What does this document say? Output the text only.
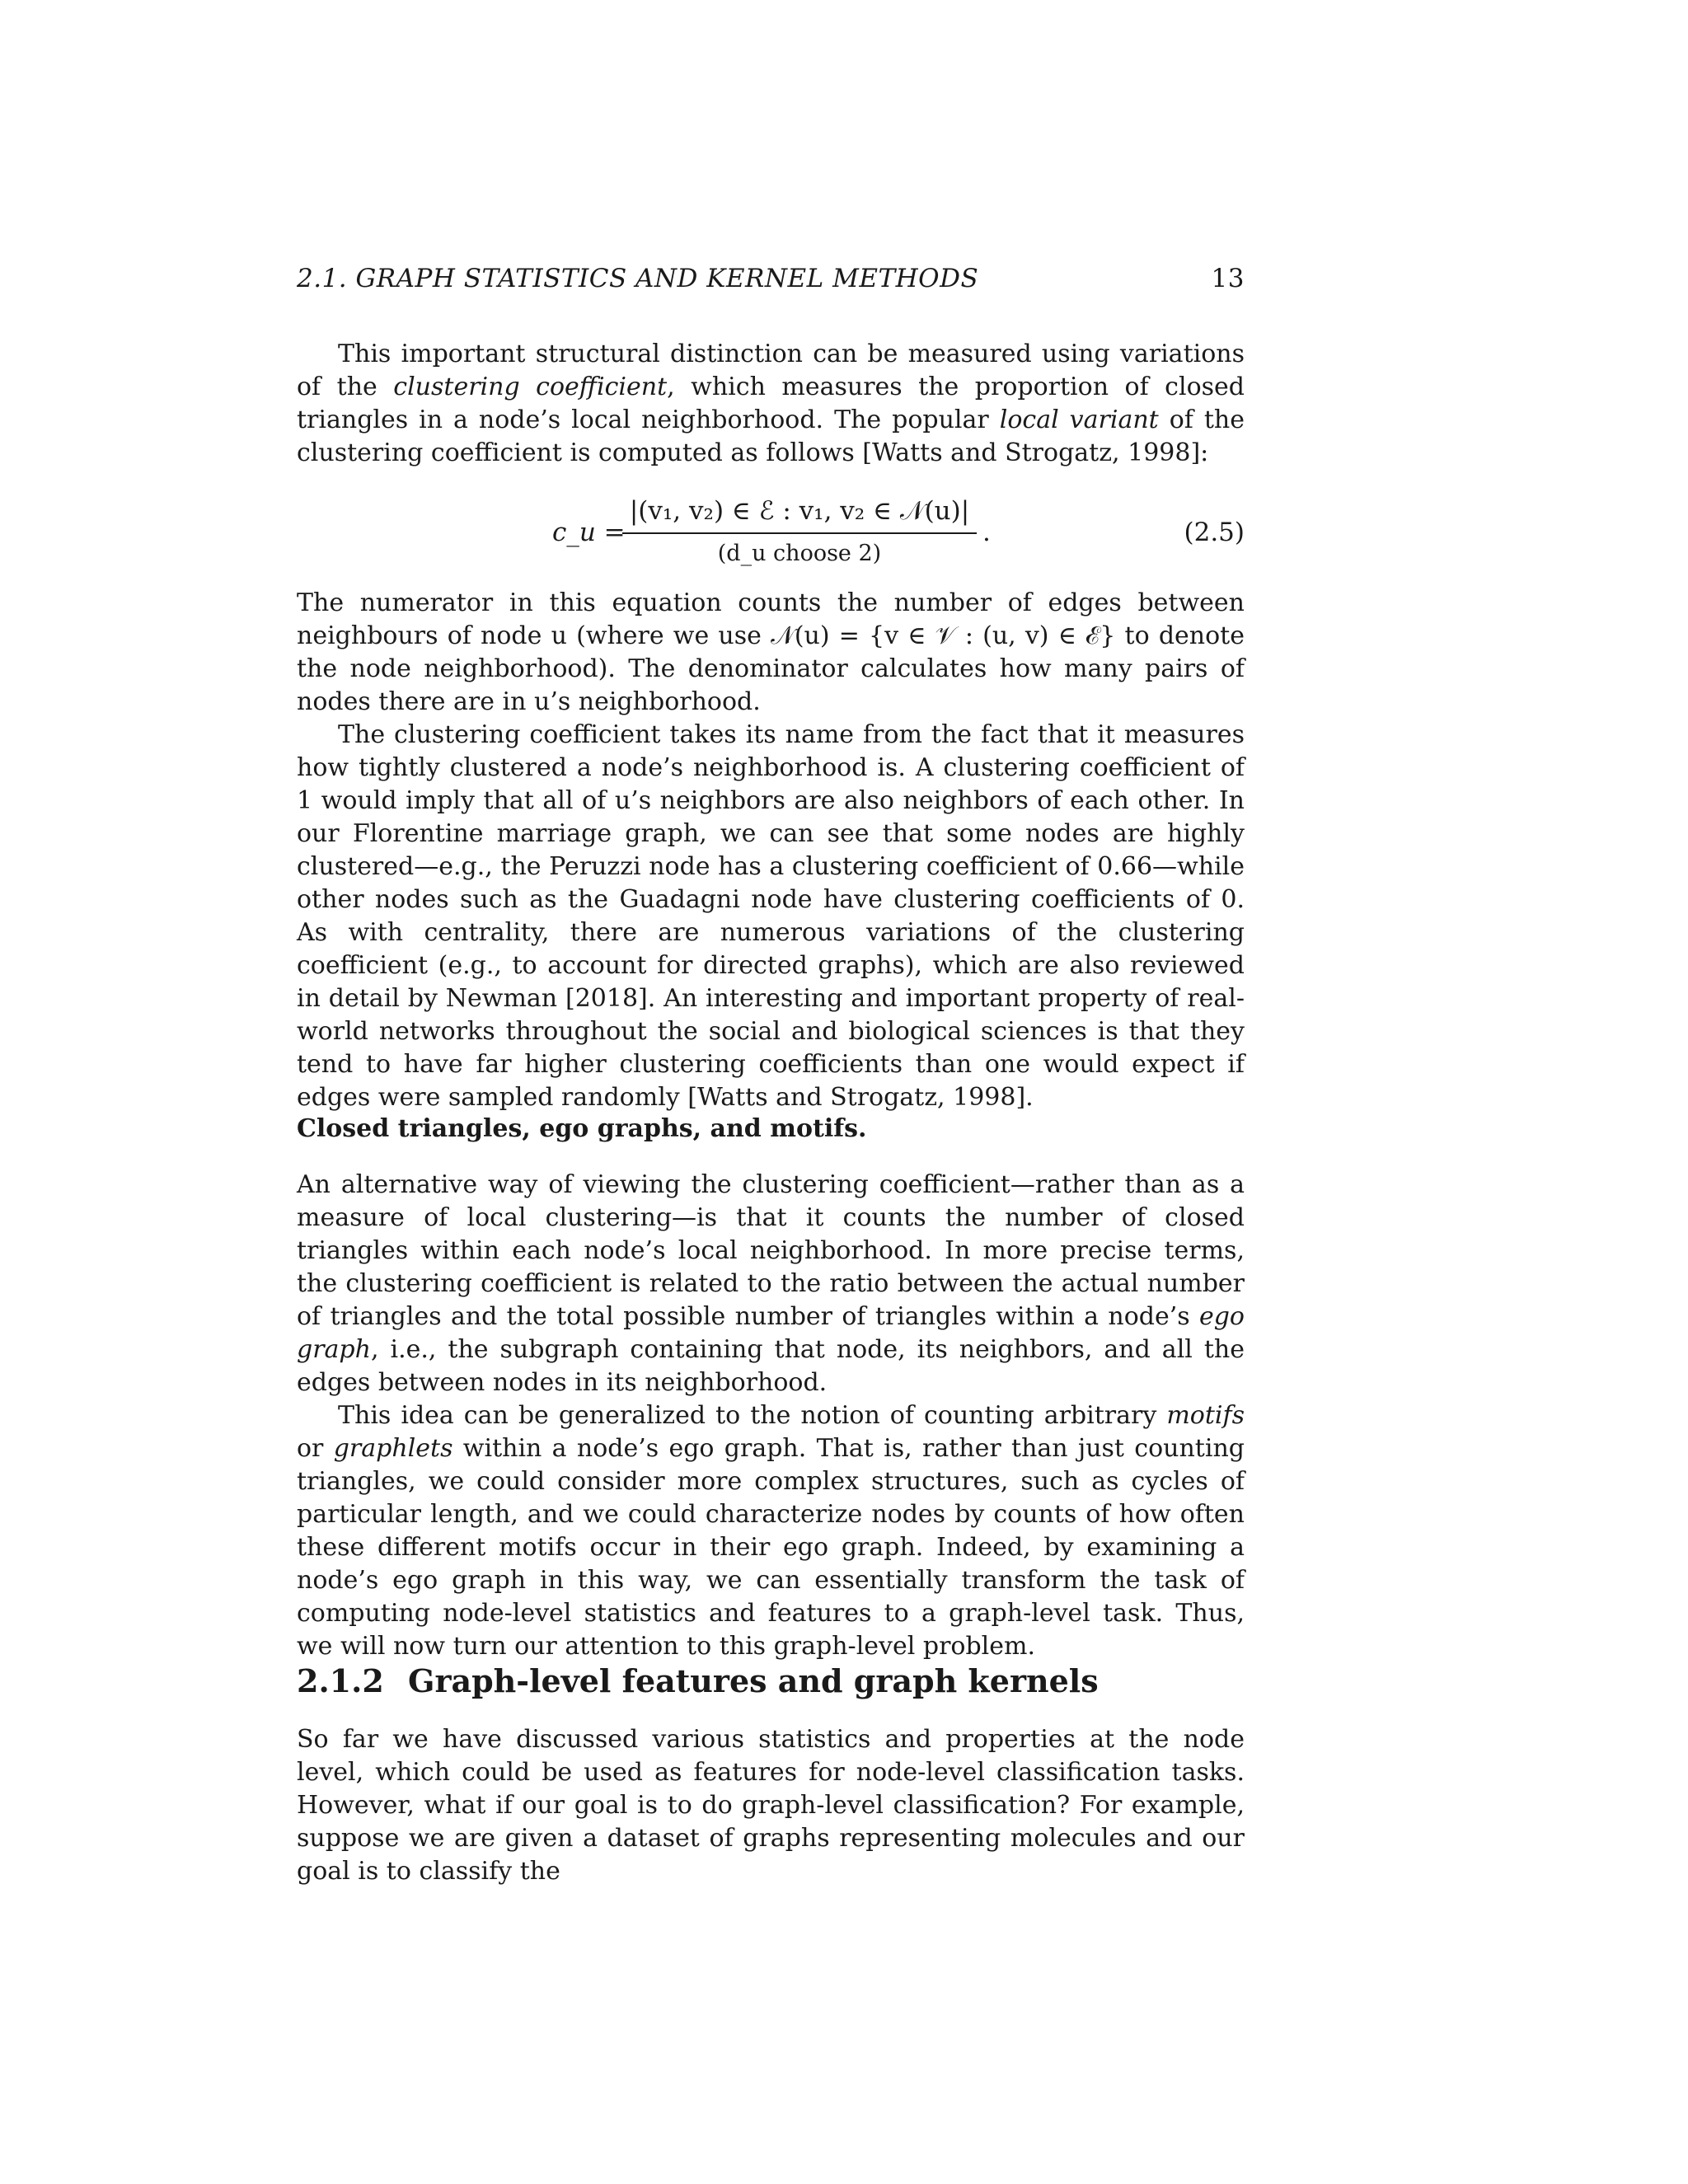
2.1. GRAPH STATISTICS AND KERNEL METHODS	13

This important structural distinction can be measured using variations of the clustering coefficient, which measures the proportion of closed triangles in a node’s local neighborhood. The popular local variant of the clustering coefficient is computed as follows [Watts and Strogatz, 1998]:

c_u =
|(v₁, v₂) ∈ ℰ : v₁, v₂ ∈ 𝒩(u)|
(d_u choose 2)
.	(2.5)

The numerator in this equation counts the number of edges between neighbours of node u (where we use 𝒩(u) = {v ∈ 𝒱 : (u, v) ∈ ℰ} to denote the node neighborhood). The denominator calculates how many pairs of nodes there are in u’s neighborhood.

The clustering coefficient takes its name from the fact that it measures how tightly clustered a node’s neighborhood is. A clustering coefficient of 1 would imply that all of u’s neighbors are also neighbors of each other. In our Florentine marriage graph, we can see that some nodes are highly clustered—e.g., the Peruzzi node has a clustering coefficient of 0.66—while other nodes such as the Guadagni node have clustering coefficients of 0. As with centrality, there are numerous variations of the clustering coefficient (e.g., to account for directed graphs), which are also reviewed in detail by Newman [2018]. An interesting and important property of real-world networks throughout the social and biological sciences is that they tend to have far higher clustering coefficients than one would expect if edges were sampled randomly [Watts and Strogatz, 1998].

Closed triangles, ego graphs, and motifs.

An alternative way of viewing the clustering coefficient—rather than as a measure of local clustering—is that it counts the number of closed triangles within each node’s local neighborhood. In more precise terms, the clustering coefficient is related to the ratio between the actual number of triangles and the total possible number of triangles within a node’s ego graph, i.e., the subgraph containing that node, its neighbors, and all the edges between nodes in its neighborhood.

This idea can be generalized to the notion of counting arbitrary motifs or graphlets within a node’s ego graph. That is, rather than just counting triangles, we could consider more complex structures, such as cycles of particular length, and we could characterize nodes by counts of how often these different motifs occur in their ego graph. Indeed, by examining a node’s ego graph in this way, we can essentially transform the task of computing node-level statistics and features to a graph-level task. Thus, we will now turn our attention to this graph-level problem.

2.1.2 Graph-level features and graph kernels

So far we have discussed various statistics and properties at the node level, which could be used as features for node-level classification tasks. However, what if our goal is to do graph-level classification? For example, suppose we are given a dataset of graphs representing molecules and our goal is to classify the
